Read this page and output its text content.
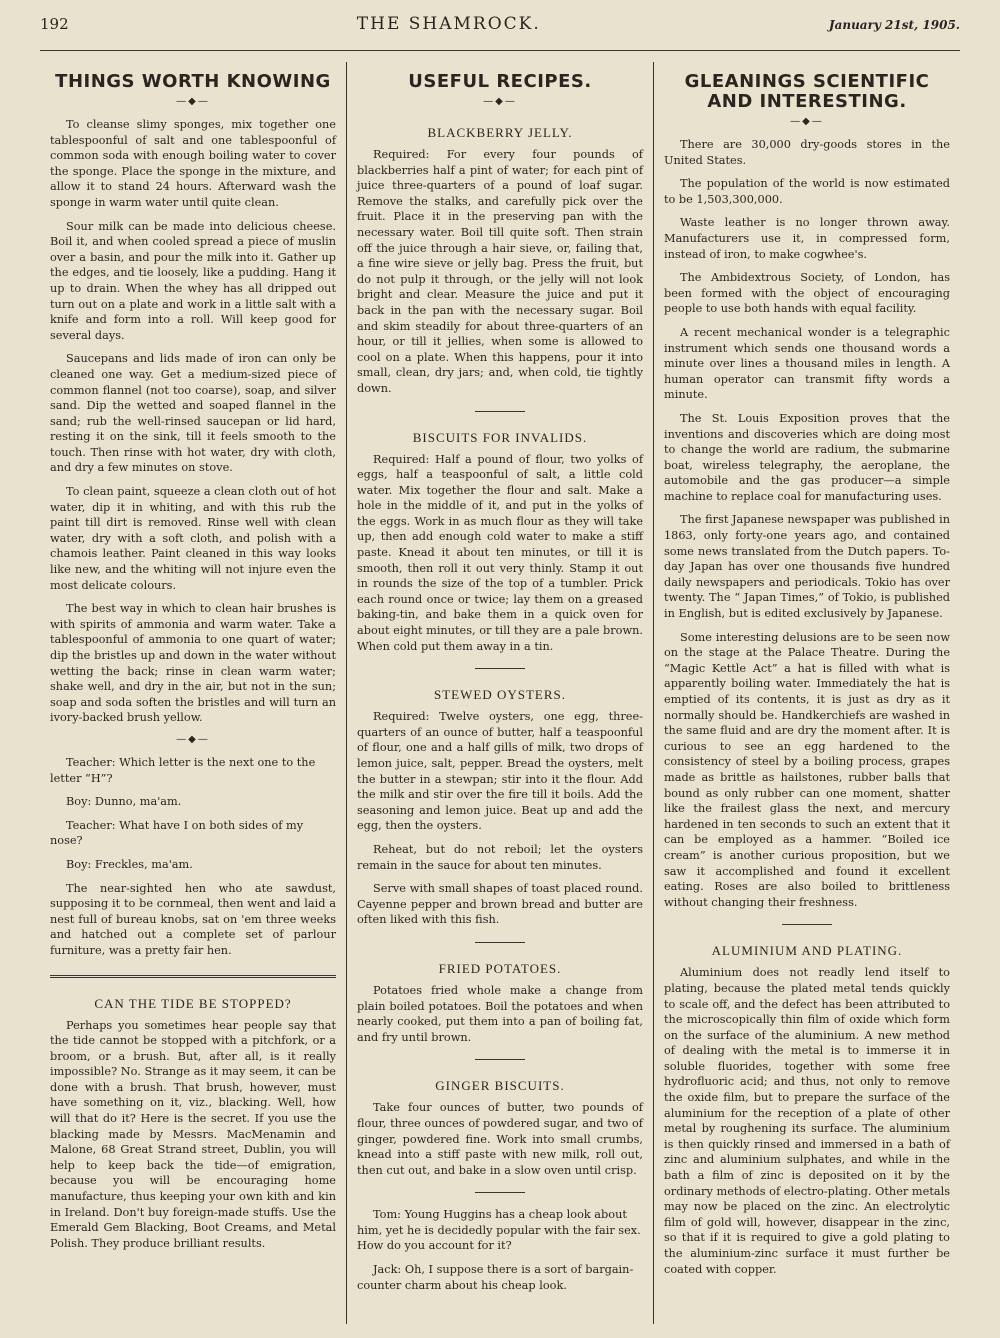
192	THE SHAMROCK.	January 21st, 1905.
THINGS WORTH KNOWING
—◆—

To cleanse slimy sponges, mix together one tablespoonful of salt and one tablespoonful of common soda with enough boiling water to cover the sponge. Place the sponge in the mixture, and allow it to stand 24 hours. Afterward wash the sponge in warm water until quite clean.

Sour milk can be made into delicious cheese. Boil it, and when cooled spread a piece of muslin over a basin, and pour the milk into it. Gather up the edges, and tie loosely, like a pudding. Hang it up to drain. When the whey has all dripped out turn out on a plate and work in a little salt with a knife and form into a roll. Will keep good for several days.

Saucepans and lids made of iron can only be cleaned one way. Get a medium-sized piece of common flannel (not too coarse), soap, and silver sand. Dip the wetted and soaped flannel in the sand; rub the well-rinsed saucepan or lid hard, resting it on the sink, till it feels smooth to the touch. Then rinse with hot water, dry with cloth, and dry a few minutes on stove.

To clean paint, squeeze a clean cloth out of hot water, dip it in whiting, and with this rub the paint till dirt is removed. Rinse well with clean water, dry with a soft cloth, and polish with a chamois leather. Paint cleaned in this way looks like new, and the whiting will not injure even the most delicate colours.

The best way in which to clean hair brushes is with spirits of ammonia and warm water. Take a tablespoonful of ammonia to one quart of water; dip the bristles up and down in the water without wetting the back; rinse in clean warm water; shake well, and dry in the air, but not in the sun; soap and soda soften the bristles and will turn an ivory-backed brush yellow.

—◆—

Teacher: Which letter is the next one to the letter “H”?

Boy: Dunno, ma'am.

Teacher: What have I on both sides of my nose?

Boy: Freckles, ma'am.

The near-sighted hen who ate sawdust, supposing it to be cornmeal, then went and laid a nest full of bureau knobs, sat on 'em three weeks and hatched out a complete set of parlour furniture, was a pretty fair hen.

CAN THE TIDE BE STOPPED?

Perhaps you sometimes hear people say that the tide cannot be stopped with a pitchfork, or a broom, or a brush. But, after all, is it really impossible? No. Strange as it may seem, it can be done with a brush. That brush, however, must have something on it, viz., blacking. Well, how will that do it? Here is the secret. If you use the blacking made by Messrs. MacMenamin and Malone, 68 Great Strand street, Dublin, you will help to keep back the tide—of emigration, because you will be encouraging home manufacture, thus keeping your own kith and kin in Ireland. Don't buy foreign-made stuffs. Use the Emerald Gem Blacking, Boot Creams, and Metal Polish. They produce brilliant results.

USEFUL RECIPES.
—◆—
BLACKBERRY JELLY.

Required: For every four pounds of blackberries half a pint of water; for each pint of juice three-quarters of a pound of loaf sugar. Remove the stalks, and carefully pick over the fruit. Place it in the preserving pan with the necessary water. Boil till quite soft. Then strain off the juice through a hair sieve, or, failing that, a fine wire sieve or jelly bag. Press the fruit, but do not pulp it through, or the jelly will not look bright and clear. Measure the juice and put it back in the pan with the necessary sugar. Boil and skim steadily for about three-quarters of an hour, or till it jellies, when some is allowed to cool on a plate. When this happens, pour it into small, clean, dry jars; and, when cold, tie tightly down.

BISCUITS FOR INVALIDS.

Required: Half a pound of flour, two yolks of eggs, half a teaspoonful of salt, a little cold water. Mix together the flour and salt. Make a hole in the middle of it, and put in the yolks of the eggs. Work in as much flour as they will take up, then add enough cold water to make a stiff paste. Knead it about ten minutes, or till it is smooth, then roll it out very thinly. Stamp it out in rounds the size of the top of a tumbler. Prick each round once or twice; lay them on a greased baking-tin, and bake them in a quick oven for about eight minutes, or till they are a pale brown. When cold put them away in a tin.

STEWED OYSTERS.

Required: Twelve oysters, one egg, three-quarters of an ounce of butter, half a teaspoonful of flour, one and a half gills of milk, two drops of lemon juice, salt, pepper. Bread the oysters, melt the butter in a stewpan; stir into it the flour. Add the milk and stir over the fire till it boils. Add the seasoning and lemon juice. Beat up and add the egg, then the oysters.

Reheat, but do not reboil; let the oysters remain in the sauce for about ten minutes.

Serve with small shapes of toast placed round. Cayenne pepper and brown bread and butter are often liked with this fish.

FRIED POTATOES.

Potatoes fried whole make a change from plain boiled potatoes. Boil the potatoes and when nearly cooked, put them into a pan of boiling fat, and fry until brown.

GINGER BISCUITS.

Take four ounces of butter, two pounds of flour, three ounces of powdered sugar, and two of ginger, powdered fine. Work into small crumbs, knead into a stiff paste with new milk, roll out, then cut out, and bake in a slow oven until crisp.

Tom: Young Huggins has a cheap look about him, yet he is decidedly popular with the fair sex. How do you account for it?

Jack: Oh, I suppose there is a sort of bargain-counter charm about his cheap look.

GLEANINGS SCIENTIFIC AND INTERESTING.
—◆—

There are 30,000 dry-goods stores in the United States.

The population of the world is now estimated to be 1,503,300,000.

Waste leather is no longer thrown away. Manufacturers use it, in compressed form, instead of iron, to make cogwhee's.

The Ambidextrous Society, of London, has been formed with the object of encouraging people to use both hands with equal facility.

A recent mechanical wonder is a telegraphic instrument which sends one thousand words a minute over lines a thousand miles in length. A human operator can transmit fifty words a minute.

The St. Louis Exposition proves that the inventions and discoveries which are doing most to change the world are radium, the submarine boat, wireless telegraphy, the aeroplane, the automobile and the gas producer—a simple machine to replace coal for manufacturing uses.

The first Japanese newspaper was published in 1863, only forty-one years ago, and contained some news translated from the Dutch papers. To-day Japan has over one thousands five hundred daily newspapers and periodicals. Tokio has over twenty. The “ Japan Times,” of Tokio, is published in English, but is edited exclusively by Japanese.

Some interesting delusions are to be seen now on the stage at the Palace Theatre. During the “Magic Kettle Act” a hat is filled with what is apparently boiling water. Immediately the hat is emptied of its contents, it is just as dry as it normally should be. Handkerchiefs are washed in the same fluid and are dry the moment after. It is curious to see an egg hardened to the consistency of steel by a boiling process, grapes made as brittle as hailstones, rubber balls that bound as only rubber can one moment, shatter like the frailest glass the next, and mercury hardened in ten seconds to such an extent that it can be employed as a hammer. “Boiled ice cream” is another curious proposition, but we saw it accomplished and found it excellent eating. Roses are also boiled to brittleness without changing their freshness.

ALUMINIUM AND PLATING.

Aluminium does not readly lend itself to plating, because the plated metal tends quickly to scale off, and the defect has been attributed to the microscopically thin film of oxide which form on the surface of the aluminium. A new method of dealing with the metal is to immerse it in soluble fluorides, together with some free hydrofluoric acid; and thus, not only to remove the oxide film, but to prepare the surface of the aluminium for the reception of a plate of other metal by roughening its surface. The aluminium is then quickly rinsed and immersed in a bath of zinc and aluminium sulphates, and while in the bath a film of zinc is deposited on it by the ordinary methods of electro-plating. Other metals may now be placed on the zinc. An electrolytic film of gold will, however, disappear in the zinc, so that if it is required to give a gold plating to the aluminium-zinc surface it must further be coated with copper.
